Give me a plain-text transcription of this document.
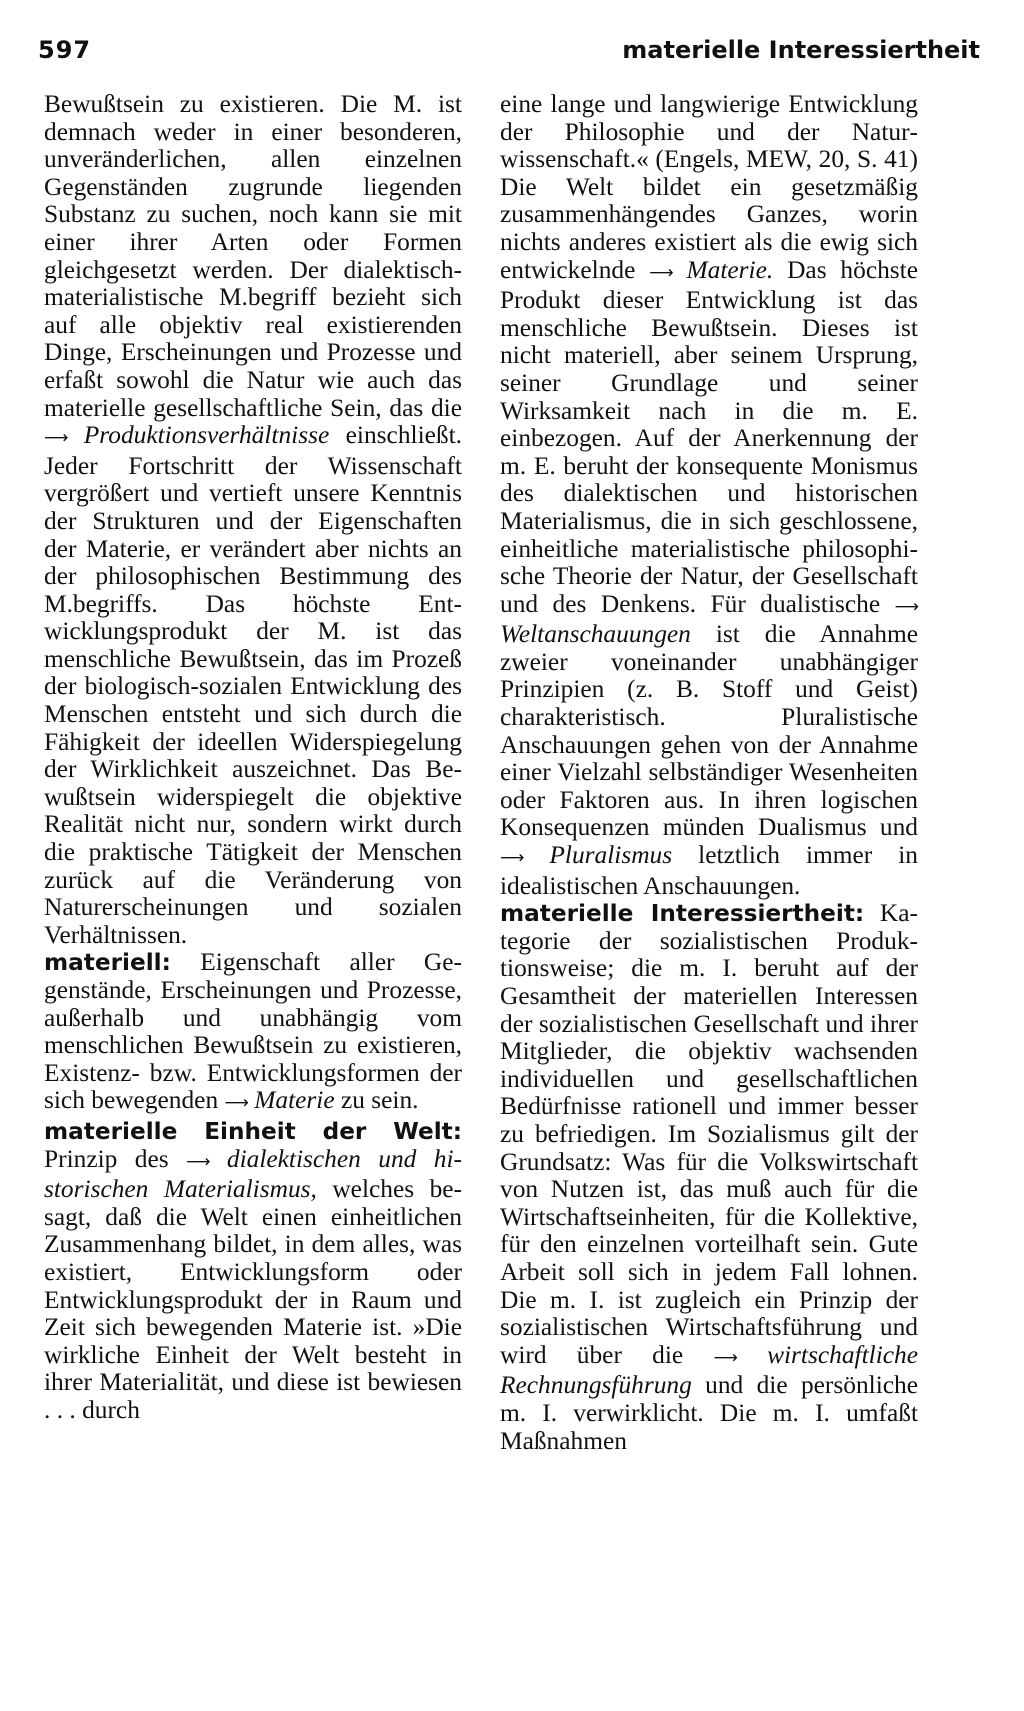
597	materielle Interessiertheit

Bewußtsein zu existieren. Die M. ist demnach weder in einer besonderen, unveränderlichen, allen einzelnen Gegenständen zugrunde liegenden Substanz zu suchen, noch kann sie mit einer ihrer Arten oder Formen gleichgesetzt werden. Der dialektisch-materialistische M.begriff bezieht sich auf alle objektiv real existierenden Dinge, Erscheinungen und Prozesse und erfaßt sowohl die Natur wie auch das materielle gesellschaftliche Sein, das die ⟶ Produktionsverhältnisse einschließt. Jeder Fortschritt der Wissenschaft vergrößert und vertieft unsere Kenntnis der Strukturen und der Eigenschaften der Materie, er verändert aber nichts an der philosophischen Bestimmung des M.begriffs. Das höchste Entwicklungsprodukt der M. ist das menschliche Bewußtsein, das im Prozeß der biologisch-sozialen Entwicklung des Menschen entsteht und sich durch die Fähigkeit der ideellen Widerspiegelung der Wirklichkeit auszeichnet. Das Bewußtsein widerspiegelt die objektive Realität nicht nur, sondern wirkt durch die praktische Tätigkeit der Menschen zurück auf die Veränderung von Naturerscheinungen und sozialen Verhältnissen.

materiell: Eigenschaft aller Gegenstände, Erscheinungen und Prozesse, außerhalb und unabhängig vom menschlichen Bewußtsein zu existieren, Existenz- bzw. Entwicklungsformen der sich bewegenden ⟶ Materie zu sein.

materielle Einheit der Welt: Prinzip des ⟶ dialektischen und historischen Materialismus, welches besagt, daß die Welt einen einheitlichen Zusammenhang bildet, in dem alles, was existiert, Entwicklungsform oder Entwicklungsprodukt der in Raum und Zeit sich bewegenden Materie ist. »Die wirkliche Einheit der Welt besteht in ihrer Materialität, und diese ist bewiesen . . . durch

eine lange und langwierige Entwicklung der Philosophie und der Naturwissenschaft.« (Engels, MEW, 20, S. 41) Die Welt bildet ein gesetzmäßig zusammenhängendes Ganzes, worin nichts anderes existiert als die ewig sich entwickelnde ⟶ Materie. Das höchste Produkt dieser Entwicklung ist das menschliche Bewußtsein. Dieses ist nicht materiell, aber seinem Ursprung, seiner Grundlage und seiner Wirksamkeit nach in die m. E. einbezogen. Auf der Anerkennung der m. E. beruht der konsequente Monismus des dialektischen und historischen Materialismus, die in sich geschlossene, einheitliche materialistische philosophische Theorie der Natur, der Gesellschaft und des Denkens. Für dualistische ⟶ Weltanschauungen ist die Annahme zweier voneinander unabhängiger Prinzipien (z. B. Stoff und Geist) charakteristisch. Pluralistische Anschauungen gehen von der Annahme einer Vielzahl selbständiger Wesenheiten oder Faktoren aus. In ihren logischen Konsequenzen münden Dualismus und ⟶ Pluralismus letztlich immer in idealistischen Anschauungen.

materielle Interessiertheit: Kategorie der sozialistischen Produktionsweise; die m. I. beruht auf der Gesamtheit der materiellen Interessen der sozialistischen Gesellschaft und ihrer Mitglieder, die objektiv wachsenden individuellen und gesellschaftlichen Bedürfnisse rationell und immer besser zu befriedigen. Im Sozialismus gilt der Grundsatz: Was für die Volkswirtschaft von Nutzen ist, das muß auch für die Wirtschaftseinheiten, für die Kollektive, für den einzelnen vorteilhaft sein. Gute Arbeit soll sich in jedem Fall lohnen. Die m. I. ist zugleich ein Prinzip der sozialistischen Wirtschaftsführung und wird über die ⟶ wirtschaftliche Rechnungsführung und die persönliche m. I. verwirklicht. Die m. I. umfaßt Maßnahmen
